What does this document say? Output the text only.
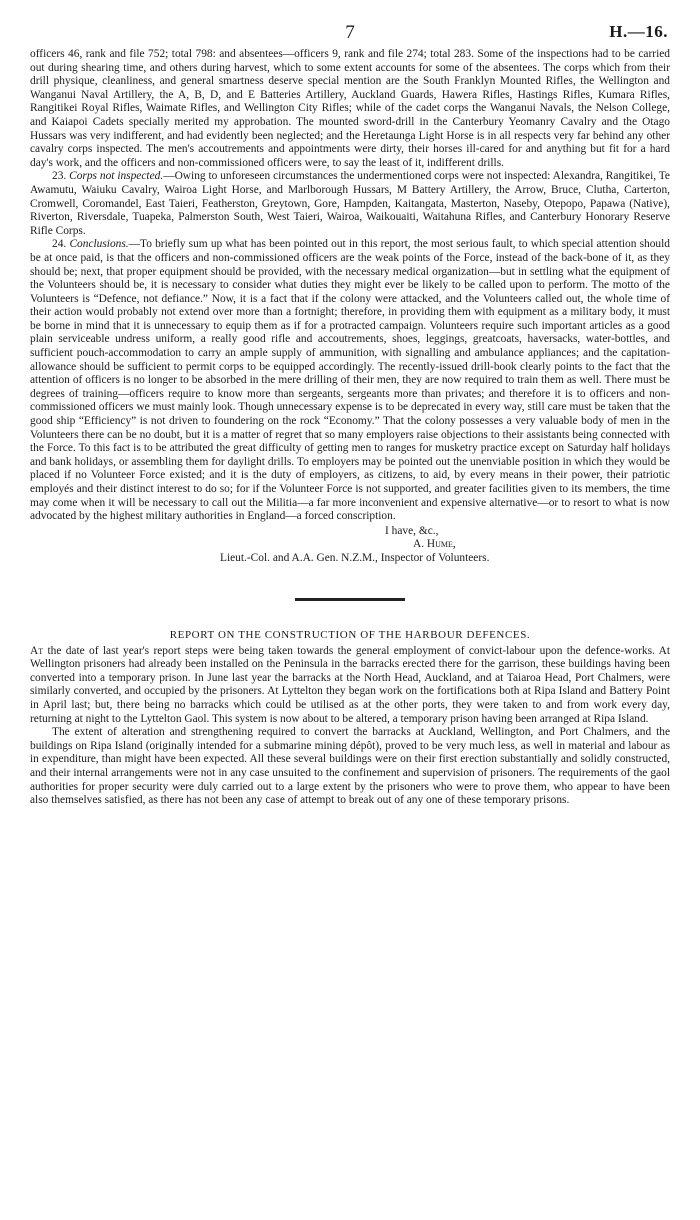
7	H.—16.

officers 46, rank and file 752; total 798: and absentees—officers 9, rank and file 274; total 283. Some of the inspections had to be carried out during shearing time, and others during harvest, which to some extent accounts for some of the absentees. The corps which from their drill physique, cleanliness, and general smartness deserve special mention are the South Franklyn Mounted Rifles, the Wellington and Wanganui Naval Artillery, the A, B, D, and E Batteries Artillery, Auckland Guards, Hawera Rifles, Hastings Rifles, Kumara Rifles, Rangitikei Royal Rifles, Waimate Rifles, and Wellington City Rifles; while of the cadet corps the Wanganui Navals, the Nelson College, and Kaiapoi Cadets specially merited my approbation. The mounted sword-drill in the Canterbury Yeomanry Cavalry and the Otago Hussars was very indifferent, and had evidently been neglected; and the Heretaunga Light Horse is in all respects very far behind any other cavalry corps inspected. The men's accoutrements and appointments were dirty, their horses ill-cared for and anything but fit for a hard day's work, and the officers and non-commissioned officers were, to say the least of it, indifferent drills.

23. Corps not inspected.—Owing to unforeseen circumstances the undermentioned corps were not inspected: Alexandra, Rangitikei, Te Awamutu, Waiuku Cavalry, Wairoa Light Horse, and Marlborough Hussars, M Battery Artillery, the Arrow, Bruce, Clutha, Carterton, Cromwell, Coromandel, East Taieri, Featherston, Greytown, Gore, Hampden, Kaitangata, Masterton, Naseby, Otepopo, Papawa (Native), Riverton, Riversdale, Tuapeka, Palmerston South, West Taieri, Wairoa, Waikouaiti, Waitahuna Rifles, and Canterbury Honorary Reserve Rifle Corps.

24. Conclusions.—To briefly sum up what has been pointed out in this report, the most serious fault, to which special attention should be at once paid, is that the officers and non-commissioned officers are the weak points of the Force, instead of the back-bone of it, as they should be; next, that proper equipment should be provided, with the necessary medical organization—but in settling what the equipment of the Volunteers should be, it is necessary to consider what duties they might ever be likely to be called upon to perform. The motto of the Volunteers is “Defence, not defiance.” Now, it is a fact that if the colony were attacked, and the Volunteers called out, the whole time of their action would probably not extend over more than a fortnight; therefore, in providing them with equipment as a military body, it must be borne in mind that it is unnecessary to equip them as if for a protracted campaign. Volunteers require such important articles as a good plain serviceable undress uniform, a really good rifle and accoutrements, shoes, leggings, greatcoats, haversacks, water-bottles, and sufficient pouch-accommodation to carry an ample supply of ammunition, with signalling and ambulance appliances; and the capitation-allowance should be sufficient to permit corps to be equipped accordingly. The recently-issued drill-book clearly points to the fact that the attention of officers is no longer to be absorbed in the mere drilling of their men, they are now required to train them as well. There must be degrees of training—officers require to know more than sergeants, sergeants more than privates; and therefore it is to officers and non-commissioned officers we must mainly look. Though unnecessary expense is to be deprecated in every way, still care must be taken that the good ship “Efficiency” is not driven to foundering on the rock “Economy.” That the colony possesses a very valuable body of men in the Volunteers there can be no doubt, but it is a matter of regret that so many employers raise objections to their assistants being connected with the Force. To this fact is to be attributed the great difficulty of getting men to ranges for musketry practice except on Saturday half holidays and bank holidays, or assembling them for daylight drills. To employers may be pointed out the unenviable position in which they would be placed if no Volunteer Force existed; and it is the duty of employers, as citizens, to aid, by every means in their power, their patriotic employés and their distinct interest to do so; for if the Volunteer Force is not supported, and greater facilities given to its members, the time may come when it will be necessary to call out the Militia—a far more inconvenient and expensive alternative—or to resort to what is now advocated by the highest military authorities in England—a forced conscription.

I have, &c.,
A. Hume,
Lieut.-Col. and A.A. Gen. N.Z.M., Inspector of Volunteers.
REPORT ON THE CONSTRUCTION OF THE HARBOUR DEFENCES.

At the date of last year's report steps were being taken towards the general employment of convict-labour upon the defence-works. At Wellington prisoners had already been installed on the Peninsula in the barracks erected there for the garrison, these buildings having been converted into a temporary prison. In June last year the barracks at the North Head, Auckland, and at Taiaroa Head, Port Chalmers, were similarly converted, and occupied by the prisoners. At Lyttelton they began work on the fortifications both at Ripa Island and Battery Point in April last; but, there being no barracks which could be utilised as at the other ports, they were taken to and from work every day, returning at night to the Lyttelton Gaol. This system is now about to be altered, a temporary prison having been arranged at Ripa Island.

The extent of alteration and strengthening required to convert the barracks at Auckland, Wellington, and Port Chalmers, and the buildings on Ripa Island (originally intended for a submarine mining dépôt), proved to be very much less, as well in material and labour as in expenditure, than might have been expected. All these several buildings were on their first erection substantially and solidly constructed, and their internal arrangements were not in any case unsuited to the confinement and supervision of prisoners. The requirements of the gaol authorities for proper security were duly carried out to a large extent by the prisoners who were to prove them, who appear to have been also themselves satisfied, as there has not been any case of attempt to break out of any one of these temporary prisons.
